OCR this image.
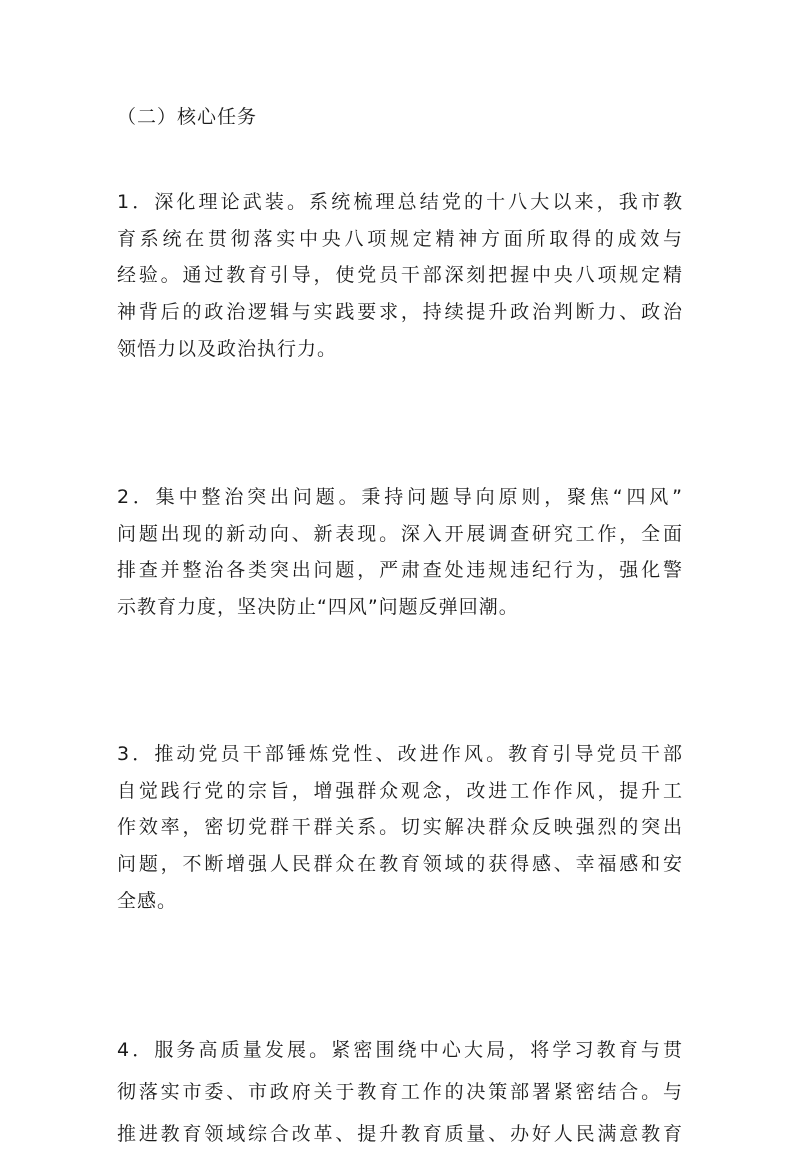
（二）核心任务
1．深化理论武装。系统梳理总结党的十八大以来，我市教
育系统在贯彻落实中央八项规定精神方面所取得的成效与
经验。通过教育引导，使党员干部深刻把握中央八项规定精
神背后的政治逻辑与实践要求，持续提升政治判断力、政治
领悟力以及政治执行力。
2．集中整治突出问题。秉持问题导向原则，聚焦“四风”
问题出现的新动向、新表现。深入开展调查研究工作，全面
排查并整治各类突出问题，严肃查处违规违纪行为，强化警
示教育力度，坚决防止“四风”问题反弹回潮。
3．推动党员干部锤炼党性、改进作风。教育引导党员干部
自觉践行党的宗旨，增强群众观念，改进工作作风，提升工
作效率，密切党群干群关系。切实解决群众反映强烈的突出
问题，不断增强人民群众在教育领域的获得感、幸福感和安
全感。
4．服务高质量发展。紧密围绕中心大局，将学习教育与贯
彻落实市委、市政府关于教育工作的决策部署紧密结合。与
推进教育领域综合改革、提升教育质量、办好人民满意教育
